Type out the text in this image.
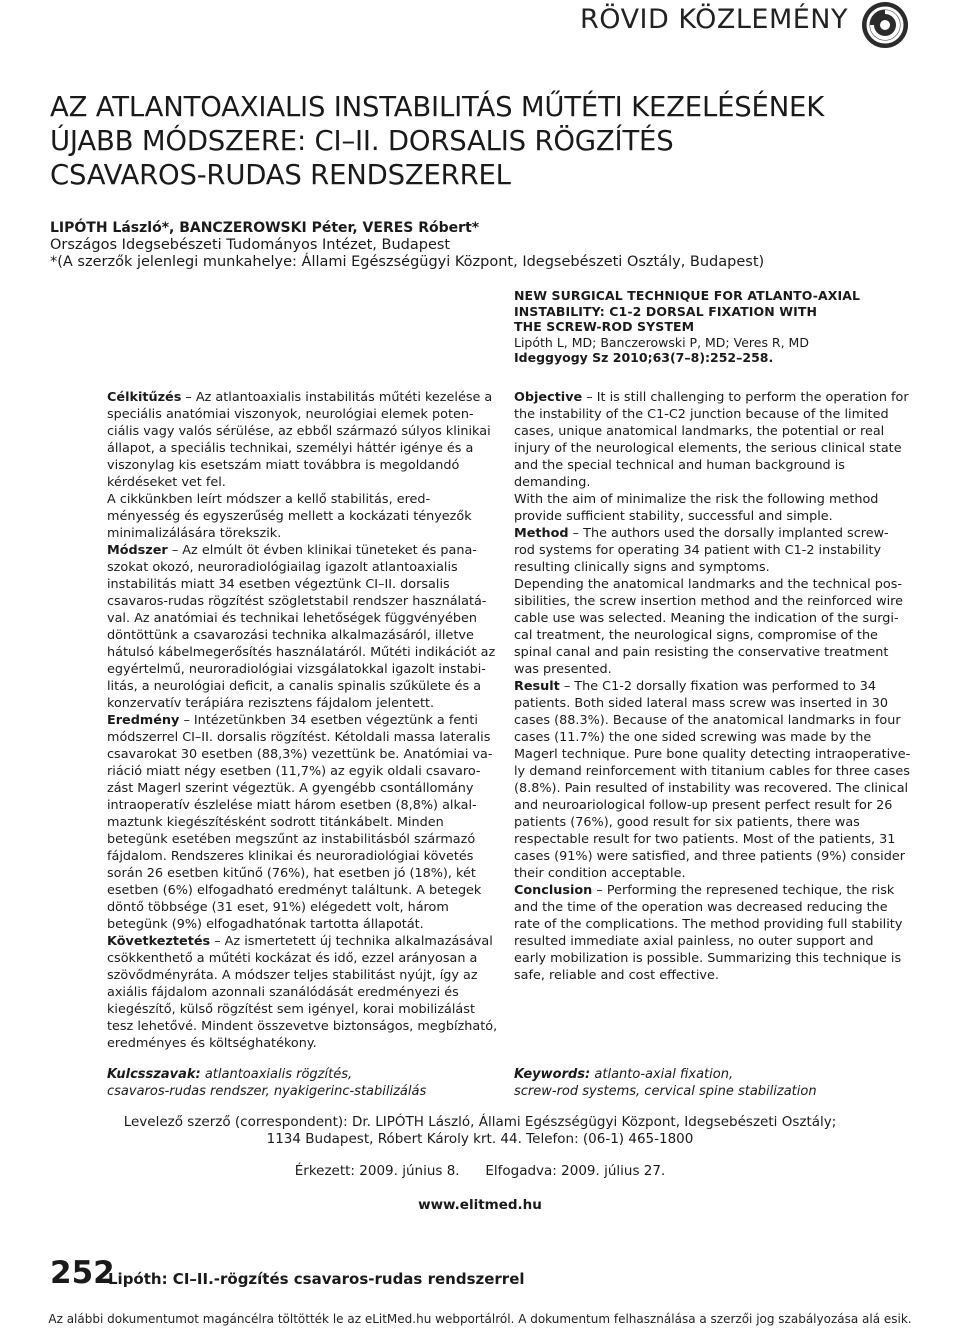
RÖVID KÖZLEMÉNY
AZ ATLANTOAXIALIS INSTABILITÁS MŰTÉTI KEZELÉSÉNEK
ÚJABB MÓDSZERE: CI–II. DORSALIS RÖGZÍTÉS
CSAVAROS-RUDAS RENDSZERREL
LIPÓTH László*, BANCZEROWSKI Péter, VERES Róbert*
Országos Idegsebészeti Tudományos Intézet, Budapest
*(A szerzők jelenlegi munkahelye: Állami Egészségügyi Központ, Idegsebészeti Osztály, Budapest)
NEW SURGICAL TECHNIQUE FOR ATLANTO-AXIAL
INSTABILITY: C1-2 DORSAL FIXATION WITH
THE SCREW-ROD SYSTEM
Lipóth L, MD; Banczerowski P, MD; Veres R, MD
Ideggyogy Sz 2010;63(7–8):252–258.
Célkitűzés – Az atlantoaxialis instabilitás műtéti kezelése a
speciális anatómiai viszonyok, neurológiai elemek poten-
ciális vagy valós sérülése, az ebből származó súlyos klinikai
állapot, a speciális technikai, személyi háttér igénye és a
viszonylag kis esetszám miatt továbbra is megoldandó
kérdéseket vet fel.
A cikkünkben leírt módszer a kellő stabilitás, ered-
ményesség és egyszerűség mellett a kockázati tényezők
minimalizálására törekszik.
Módszer – Az elmúlt öt évben klinikai tüneteket és pana-
szokat okozó, neuroradiológiailag igazolt atlantoaxialis
instabilitás miatt 34 esetben végeztünk CI–II. dorsalis
csavaros-rudas rögzítést szögletstabil rendszer használatá-
val. Az anatómiai és technikai lehetőségek függvényében
döntöttünk a csavarozási technika alkalmazásáról, illetve
hátulsó kábelmegerősítés használatáról. Műtéti indikációt az
egyértelmű, neuroradiológiai vizsgálatokkal igazolt instabi-
litás, a neurológiai deficit, a canalis spinalis szűkülete és a
konzervatív terápiára rezisztens fájdalom jelentett.
Eredmény – Intézetünkben 34 esetben végeztünk a fenti
módszerrel CI–II. dorsalis rögzítést. Kétoldali massa lateralis
csavarokat 30 esetben (88,3%) vezettünk be. Anatómiai va-
riáció miatt négy esetben (11,7%) az egyik oldali csavaro-
zást Magerl szerint végeztük. A gyengébb csontállomány
intraoperatív észlelése miatt három esetben (8,8%) alkal-
maztunk kiegészítésként sodrott titánkábelt. Minden
betegünk esetében megszűnt az instabilitásból származó
fájdalom. Rendszeres klinikai és neuroradiológiai követés
során 26 esetben kitűnő (76%), hat esetben jó (18%), két
esetben (6%) elfogadható eredményt találtunk. A betegek
döntő többsége (31 eset, 91%) elégedett volt, három
betegünk (9%) elfogadhatónak tartotta állapotát.
Következtetés – Az ismertetett új technika alkalmazásával
csökkenthető a műtéti kockázat és idő, ezzel arányosan a
szövődményráta. A módszer teljes stabilitást nyújt, így az
axiális fájdalom azonnali szanálódását eredményezi és
kiegészítő, külső rögzítést sem igényel, korai mobilizálást
tesz lehetővé. Mindent összevetve biztonságos, megbízható,
eredményes és költséghatékony.
Objective – It is still challenging to perform the operation for
the instability of the C1-C2 junction because of the limited
cases, unique anatomical landmarks, the potential or real
injury of the neurological elements, the serious clinical state
and the special technical and human background is
demanding.
With the aim of minimalize the risk the following method
provide sufficient stability, successful and simple.
Method – The authors used the dorsally implanted screw-
rod systems for operating 34 patient with C1-2 instability
resulting clinically signs and symptoms.
Depending the anatomical landmarks and the technical pos-
sibilities, the screw insertion method and the reinforced wire
cable use was selected. Meaning the indication of the surgi-
cal treatment, the neurological signs, compromise of the
spinal canal and pain resisting the conservative treatment
was presented.
Result – The C1-2 dorsally fixation was performed to 34
patients. Both sided lateral mass screw was inserted in 30
cases (88.3%). Because of the anatomical landmarks in four
cases (11.7%) the one sided screwing was made by the
Magerl technique. Pure bone quality detecting intraoperative-
ly demand reinforcement with titanium cables for three cases
(8.8%). Pain resulted of instability was recovered. The clinical
and neuroariological follow-up present perfect result for 26
patients (76%), good result for six patients, there was
respectable result for two patients. Most of the patients, 31
cases (91%) were satisfied, and three patients (9%) consider
their condition acceptable.
Conclusion – Performing the represened techique, the risk
and the time of the operation was decreased reducing the
rate of the complications. The method providing full stability
resulted immediate axial painless, no outer support and
early mobilization is possible. Summarizing this technique is
safe, reliable and cost effective.
Kulcsszavak: atlantoaxialis rögzítés,
csavaros-rudas rendszer, nyakigerinc-stabilizálás
Keywords: atlanto-axial fixation,
screw-rod systems, cervical spine stabilization
Levelező szerző (correspondent): Dr. LIPÓTH László, Állami Egészségügyi Központ, Idegsebészeti Osztály;
1134 Budapest, Róbert Károly krt. 44. Telefon: (06-1) 465-1800
Érkezett: 2009. június 8. Elfogadva: 2009. július 27.
www.elitmed.hu
252
Lipóth: CI–II.-rögzítés csavaros-rudas rendszerrel
Az alábbi dokumentumot magáncélra töltötték le az eLitMed.hu webportálról. A dokumentum felhasználása a szerzői jog szabályozása alá esik.
